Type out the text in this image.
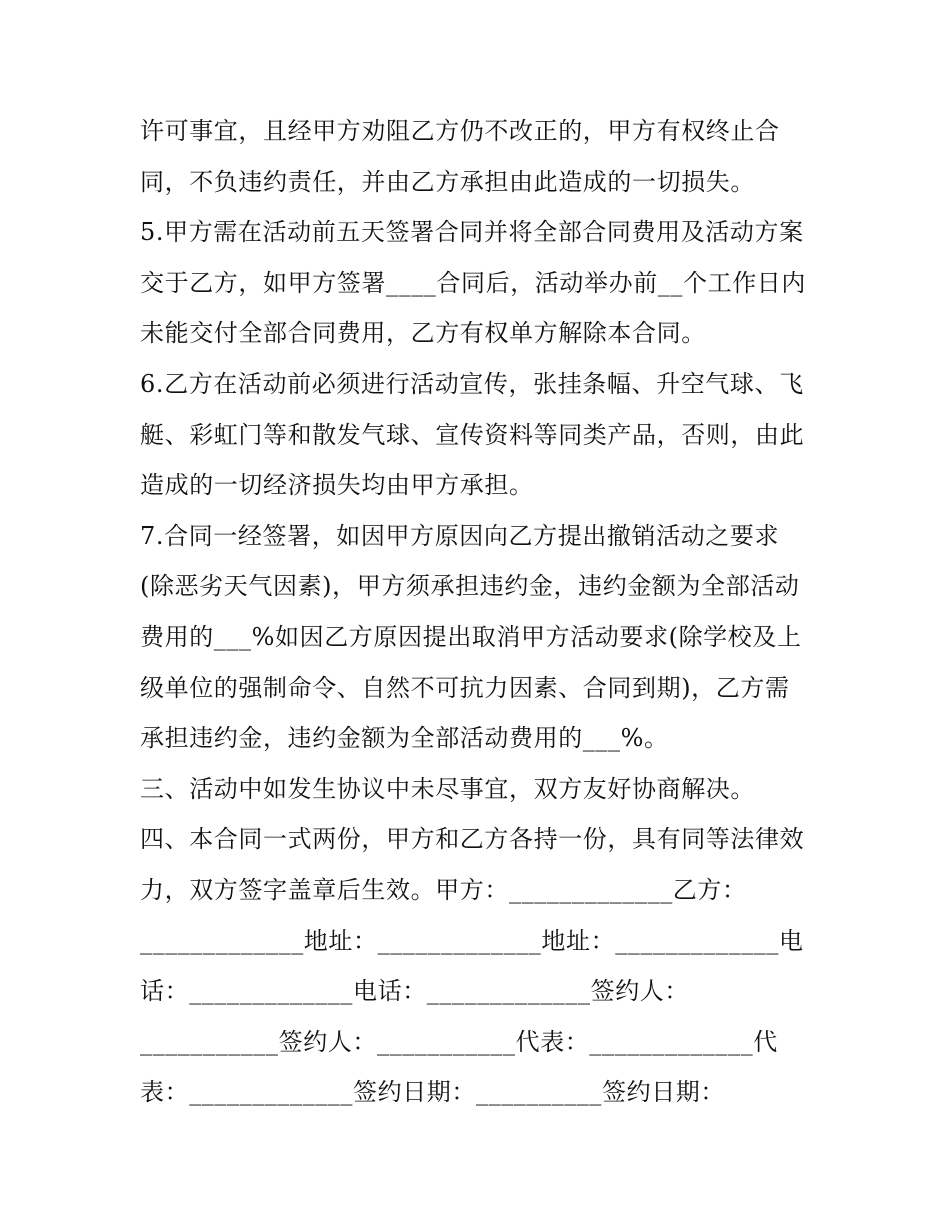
许可事宜，且经甲方劝阻乙方仍不改正的，甲方有权终止合
同，不负违约责任，并由乙方承担由此造成的一切损失。
5.甲方需在活动前五天签署合同并将全部合同费用及活动方案
交于乙方，如甲方签署____合同后，活动举办前__个工作日内
未能交付全部合同费用，乙方有权单方解除本合同。
6.乙方在活动前必须进行活动宣传，张挂条幅、升空气球、飞
艇、彩虹门等和散发气球、宣传资料等同类产品，否则，由此
造成的一切经济损失均由甲方承担。
7.合同一经签署，如因甲方原因向乙方提出撤销活动之要求
(除恶劣天气因素)，甲方须承担违约金，违约金额为全部活动
费用的___%如因乙方原因提出取消甲方活动要求(除学校及上
级单位的强制命令、自然不可抗力因素、合同到期)，乙方需
承担违约金，违约金额为全部活动费用的___%。
三、活动中如发生协议中未尽事宜，双方友好协商解决。
四、本合同一式两份，甲方和乙方各持一份，具有同等法律效
力，双方签字盖章后生效。甲方：_____________乙方：
_____________地址：_____________地址：_____________电
话：_____________电话：_____________签约人：
___________签约人：___________代表：_____________代
表：_____________签约日期：__________签约日期：
